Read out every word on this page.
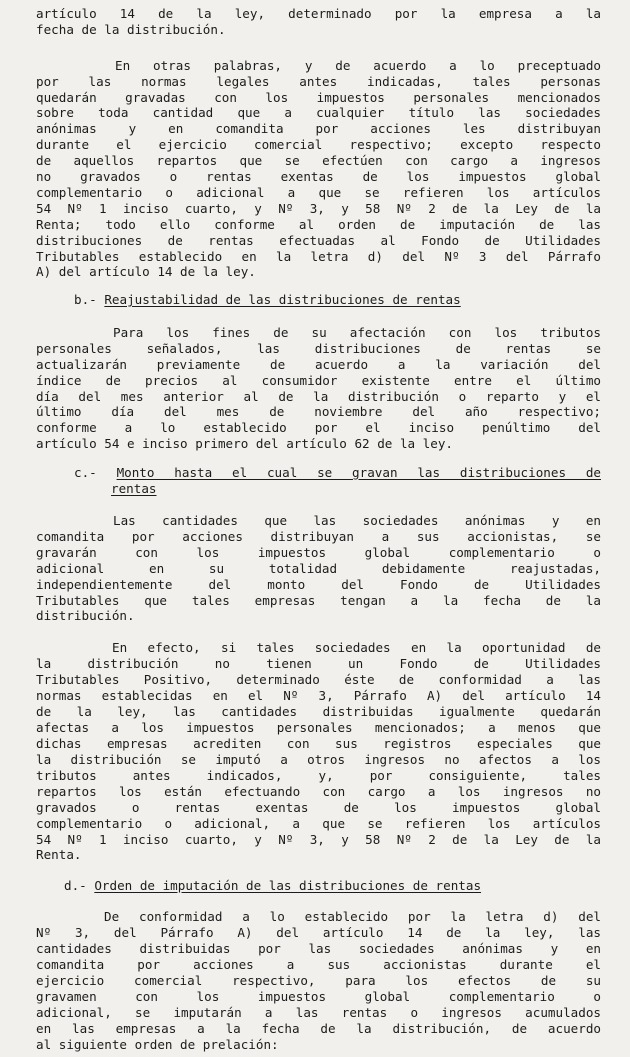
artículo 14 de la ley, determinado por la empresa a la
fecha de la distribución.
En otras palabras, y de acuerdo a lo preceptuado
por las normas legales antes indicadas, tales personas
quedarán gravadas con los impuestos personales mencionados
sobre toda cantidad que a cualquier título las sociedades
anónimas y en comandita por acciones les distribuyan
durante el ejercicio comercial respectivo; excepto respecto
de aquellos repartos que se efectúen con cargo a ingresos
no gravados o rentas exentas de los impuestos global
complementario o adicional a que se refieren los artículos
54 Nº 1 inciso cuarto, y Nº 3, y 58 Nº 2 de la Ley de la
Renta; todo ello conforme al orden de imputación de las
distribuciones de rentas efectuadas al Fondo de Utilidades
Tributables establecido en la letra d) del Nº 3 del Párrafo
A) del artículo 14 de la ley.
b.- Reajustabilidad de las distribuciones de rentas
Para los fines de su afectación con los tributos
personales señalados, las distribuciones de rentas se
actualizarán previamente de acuerdo a la variación del
índice de precios al consumidor existente entre el último
día del mes anterior al de la distribución o reparto y el
último día del mes de noviembre del año respectivo;
conforme a lo establecido por el inciso penúltimo del
artículo 54 e inciso primero del artículo 62 de la ley.
c.- Monto hasta el cual se gravan las distribuciones de
rentas
Las cantidades que las sociedades anónimas y en
comandita por acciones distribuyan a sus accionistas, se
gravarán con los impuestos global complementario o
adicional en su totalidad debidamente reajustadas,
independientemente del monto del Fondo de Utilidades
Tributables que tales empresas tengan a la fecha de la
distribución.
En efecto, si tales sociedades en la oportunidad de
la distribución no tienen un Fondo de Utilidades
Tributables Positivo, determinado éste de conformidad a las
normas establecidas en el Nº 3, Párrafo A) del artículo 14
de la ley, las cantidades distribuidas igualmente quedarán
afectas a los impuestos personales mencionados; a menos que
dichas empresas acrediten con sus registros especiales que
la distribución se imputó a otros ingresos no afectos a los
tributos antes indicados, y, por consiguiente, tales
repartos los están efectuando con cargo a los ingresos no
gravados o rentas exentas de los impuestos global
complementario o adicional, a que se refieren los artículos
54 Nº 1 inciso cuarto, y Nº 3, y 58 Nº 2 de la Ley de la
Renta.
d.- Orden de imputación de las distribuciones de rentas
De conformidad a lo establecido por la letra d) del
Nº 3, del Párrafo A) del artículo 14 de la ley, las
cantidades distribuidas por las sociedades anónimas y en
comandita por acciones a sus accionistas durante el
ejercicio comercial respectivo, para los efectos de su
gravamen con los impuestos global complementario o
adicional, se imputarán a las rentas o ingresos acumulados
en las empresas a la fecha de la distribución, de acuerdo
al siguiente orden de prelación:
